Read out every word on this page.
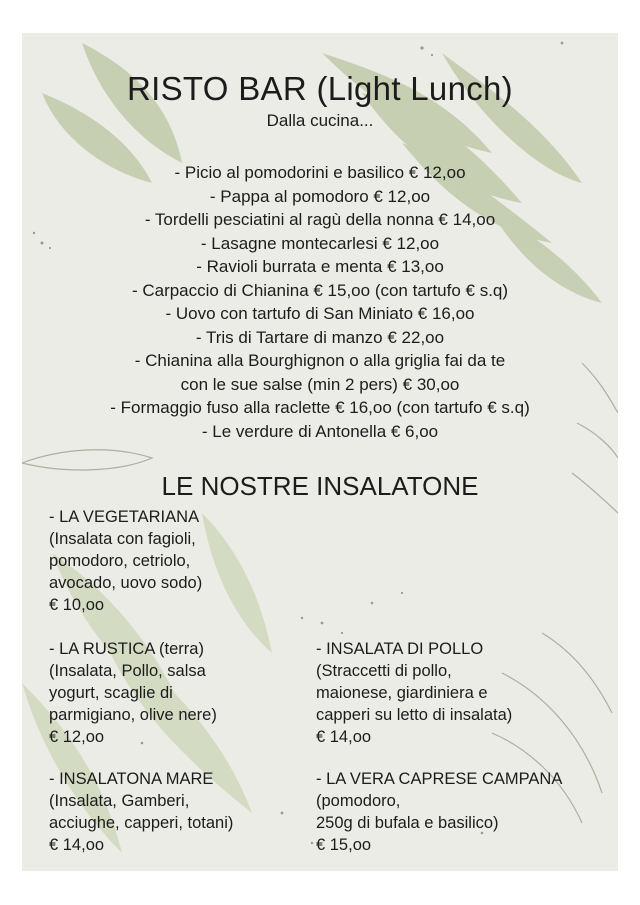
RISTO BAR (Light Lunch)
Dalla cucina...
- Picio al pomodorini e basilico € 12,oo
- Pappa al pomodoro € 12,oo
- Tordelli pesciatini al ragù della nonna € 14,oo
- Lasagne montecarlesi € 12,oo
- Ravioli burrata e menta € 13,oo
- Carpaccio di Chianina € 15,oo (con tartufo € s.q)
- Uovo con tartufo di San Miniato € 16,oo
- Tris di Tartare di manzo € 22,oo
- Chianina alla Bourghignon o alla griglia fai da te
con le sue salse (min 2 pers) € 30,oo
- Formaggio fuso alla raclette € 16,oo (con tartufo € s.q)
- Le verdure di Antonella € 6,oo
LE NOSTRE INSALATONE
- LA VEGETARIANA
(Insalata con fagioli,
pomodoro, cetriolo,
avocado, uovo sodo)
€ 10,oo
- LA RUSTICA (terra)
(Insalata, Pollo, salsa
yogurt, scaglie di
parmigiano, olive nere)
€ 12,oo
- INSALATA DI POLLO
(Straccetti di pollo,
maionese, giardiniera e
capperi su letto di insalata)
€ 14,oo
- INSALATONA MARE
(Insalata, Gamberi,
acciughe, capperi, totani)
€ 14,oo
- LA VERA CAPRESE CAMPANA
(pomodoro,
250g di bufala e basilico)
€ 15,oo
